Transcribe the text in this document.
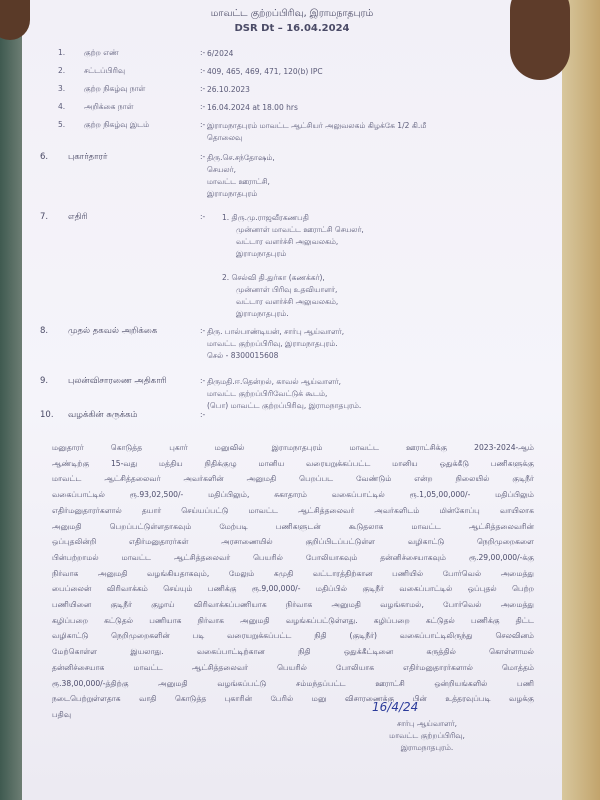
மாவட்ட குற்றப்பிரிவு, இராமநாதபுரம்
DSR Dt – 16.04.2024
1.	குற்ற எண்	:- 6/2024
2.	சட்டப்பிரிவு	:- 409, 465, 469, 471, 120(b) IPC
3.	குற்ற நிகழ்வு நாள்	:- 26.10.2023
4.	அறிக்கை நாள்	:- 16.04.2024 at 18.00 hrs
5.	குற்ற நிகழ்வு இடம்	:- இராமநாதபுரம் மாவட்ட ஆட்சியர் அலுவலகம் கிழக்கே 1/2 கி.மீ
தொலைவு
6. புகார்தாரர்	:- திரு.செ.சந்தோஷம்,
செயலர்,
மாவட்ட ஊராட்சி,
இராமநாதபுரம்
7. எதிரி	:- 1. திரு.மு.ராஜவீரகணபதி
முன்னாள் மாவட்ட ஊராட்சி செயலர்,
வட்டார வளர்ச்சி அலுவலகம்,
இராமநாதபுரம்
2. செல்வி தி.துர்கா (கணக்கர்),
முன்னாள் பிரிவு உதவியாளர்,
வட்டார வளர்ச்சி அலுவலகம்,
இராமநாதபுரம்.
8. முதல் தகவல் அறிக்கை	:- திரு. பால்பாண்டியன், சார்பு ஆய்வாளர்,
மாவட்ட குற்றப்பிரிவு, இராமநாதபுரம்.
செல் - 8300015608
9. புலன்விசாரணை அதிகாரி	:- திருமதி.ஈ.தென்றல், காவல் ஆய்வாளர்,
மாவட்ட குற்றப்பிரிவேட்டுக் கூடம்,
(பொ) மாவட்ட குற்றப்பிரிவு, இராமநாதபுரம்.
10. வழக்கின் சுருக்கம்	:-
மனுதாரர் கொடுத்த புகார் மனுவில் இராமநாதபுரம் மாவட்ட ஊராட்சிக்கு 2023-2024-ஆம்
ஆண்டிற்கு 15-வது மத்திய நிதிக்குழு மானிய வரையறுக்கப்பட்ட மானிய ஒதுக்கீடு பணிகளுக்கு
மாவட்ட ஆட்சித்தலைவர் அவர்களின் அனுமதி பெறப்பட வேண்டும் என்ற நிலையில் குடிநீர்
வகைப்பாட்டில் ரூ.93,02,500/- மதிப்பிலும், சுகாதாரம் வகைப்பாட்டில் ரூ.1,05,00,000/- மதிப்பிலும்
எதிர்மனுதாரர்களால் தயார் செய்யப்பட்டு மாவட்ட ஆட்சித்தலைவர் அவர்களிடம் மின்கோப்பு வாயிலாக
அனுமதி பெறப்பட்டுள்ளதாகவும் மேற்படி பணிகளுடன் கூடுதலாக மாவட்ட ஆட்சித்தலைவரின்
ஒப்புதலின்றி எதிர்மனுதாரர்கள் அரசாணையில் குறிப்பிடப்பட்டுள்ள வழிகாட்டு நெறிமுறைகளை
பின்பற்றாமல் மாவட்ட ஆட்சித்தலைவர் பெயரில் போலியாகவும் தன்னிச்சையாகவும் ரூ.29,00,000/-க்கு
நிர்வாக அனுமதி வழங்கியதாகவும், மேலும் கமுதி வட்டாரத்திற்கான பணியில் போர்வெல் அமைத்து
பைப்லைன் விரிவாக்கம் செய்யும் பணிக்கு ரூ.9,00,000/- மதிப்பில் குடிநீர் வகைப்பாட்டில் ஒப்புதல் பெற்ற
பணியினை குடிநீர் குழாய் விரிவாக்கப்பணியாக நிர்வாக அனுமதி வழங்காமல், போர்வெல் அமைத்து
கழிப்பறை கட்டுதல் பணியாக நிர்வாக அனுமதி வழங்கப்பட்டுள்ளது. கழிப்பறை கட்டுதல் பணிக்கு திட்ட
வழிகாட்டு நெறிமுறைகளின் படி வரையறுக்கப்பட்ட நிதி (குடிநீர்) வகைப்பாட்டிலிருந்து செலவினம்
மேற்கொள்ள இயலாது. வகைப்பாட்டிற்கான நிதி ஒதுக்கீட்டினை கருத்தில் கொள்ளாமல்
தன்னிச்சையாக மாவட்ட ஆட்சித்தலைவர் பெயரில் போலியாக எதிர்மனுதாரர்களால் மொத்தம்
ரூ.38,00,000/-த்திற்கு அனுமதி வழங்கப்பட்டு சம்மந்தப்பட்ட ஊராட்சி ஒன்றியங்களில் பணி
நடைபெற்றுள்ளதாக வாதி கொடுத்த புகாரின் பேரில் மனு விசாரணைக்கு பின் உத்தரவுப்படி வழக்கு
பதிவு
16/4/24
சார்பு ஆய்வாளர்,
மாவட்ட குற்றப்பிரிவு,
இராமநாதபுரம்.
